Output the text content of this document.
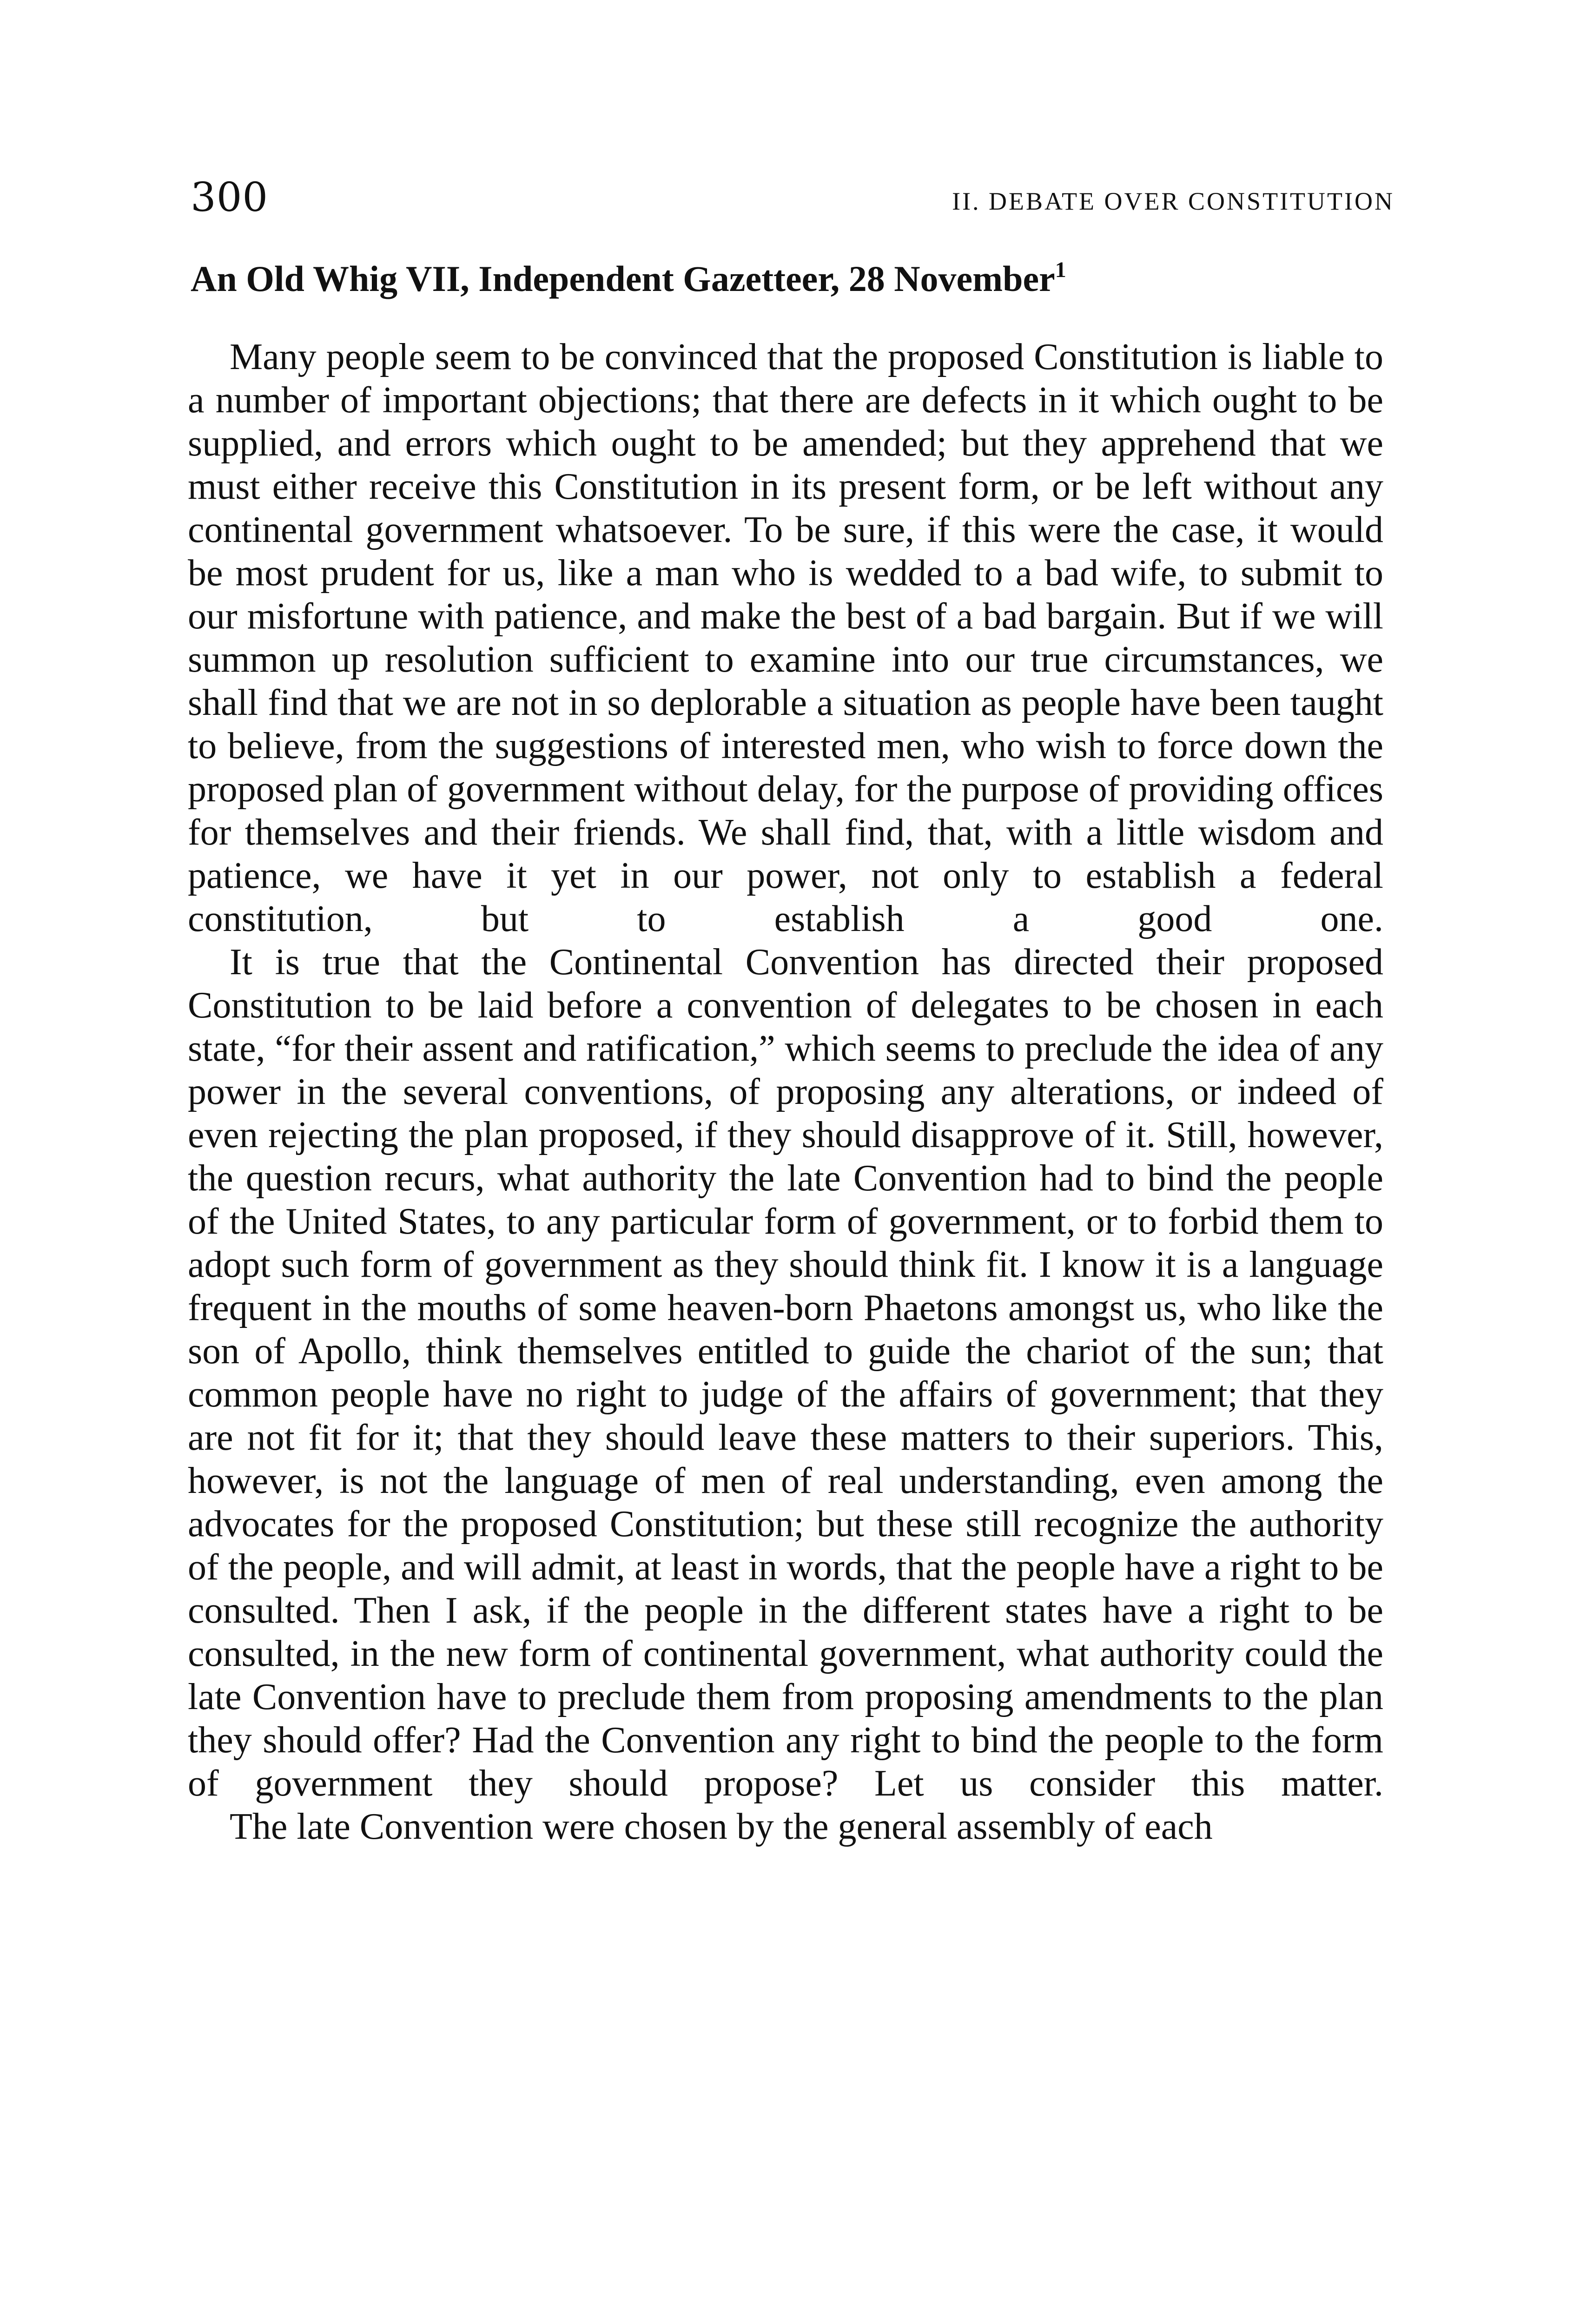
300	II. DEBATE OVER CONSTITUTION
An Old Whig VII, Independent Gazetteer, 28 November$^1$

Many people seem to be convinced that the proposed Constitution is liable to a number of important objections; that there are defects in it which ought to be supplied, and errors which ought to be amended; but they apprehend that we must either receive this Constitution in its present form, or be left without any continental government whatsoever. To be sure, if this were the case, it would be most prudent for us, like a man who is wedded to a bad wife, to submit to our misfortune with patience, and make the best of a bad bargain. But if we will summon up resolution sufficient to examine into our true circumstances, we shall find that we are not in so deplorable a situation as people have been taught to believe, from the suggestions of interested men, who wish to force down the proposed plan of government without delay, for the purpose of providing offices for themselves and their friends. We shall find, that, with a little wisdom and patience, we have it yet in our power, not only to establish a federal constitution, but to establish a good one.

It is true that the Continental Convention has directed their proposed Constitution to be laid before a convention of delegates to be chosen in each state, “for their assent and ratification,” which seems to preclude the idea of any power in the several conventions, of proposing any alterations, or indeed of even rejecting the plan proposed, if they should disapprove of it. Still, however, the question recurs, what authority the late Convention had to bind the people of the United States, to any particular form of government, or to forbid them to adopt such form of government as they should think fit. I know it is a language frequent in the mouths of some heaven-born Phaetons amongst us, who like the son of Apollo, think themselves entitled to guide the chariot of the sun; that common people have no right to judge of the affairs of government; that they are not fit for it; that they should leave these matters to their superiors. This, however, is not the language of men of real understanding, even among the advocates for the proposed Constitution; but these still recognize the authority of the people, and will admit, at least in words, that the people have a right to be consulted. Then I ask, if the people in the different states have a right to be consulted, in the new form of continental government, what authority could the late Convention have to preclude them from proposing amendments to the plan they should offer? Had the Convention any right to bind the people to the form of government they should propose? Let us consider this matter.

The late Convention were chosen by the general assembly of each
